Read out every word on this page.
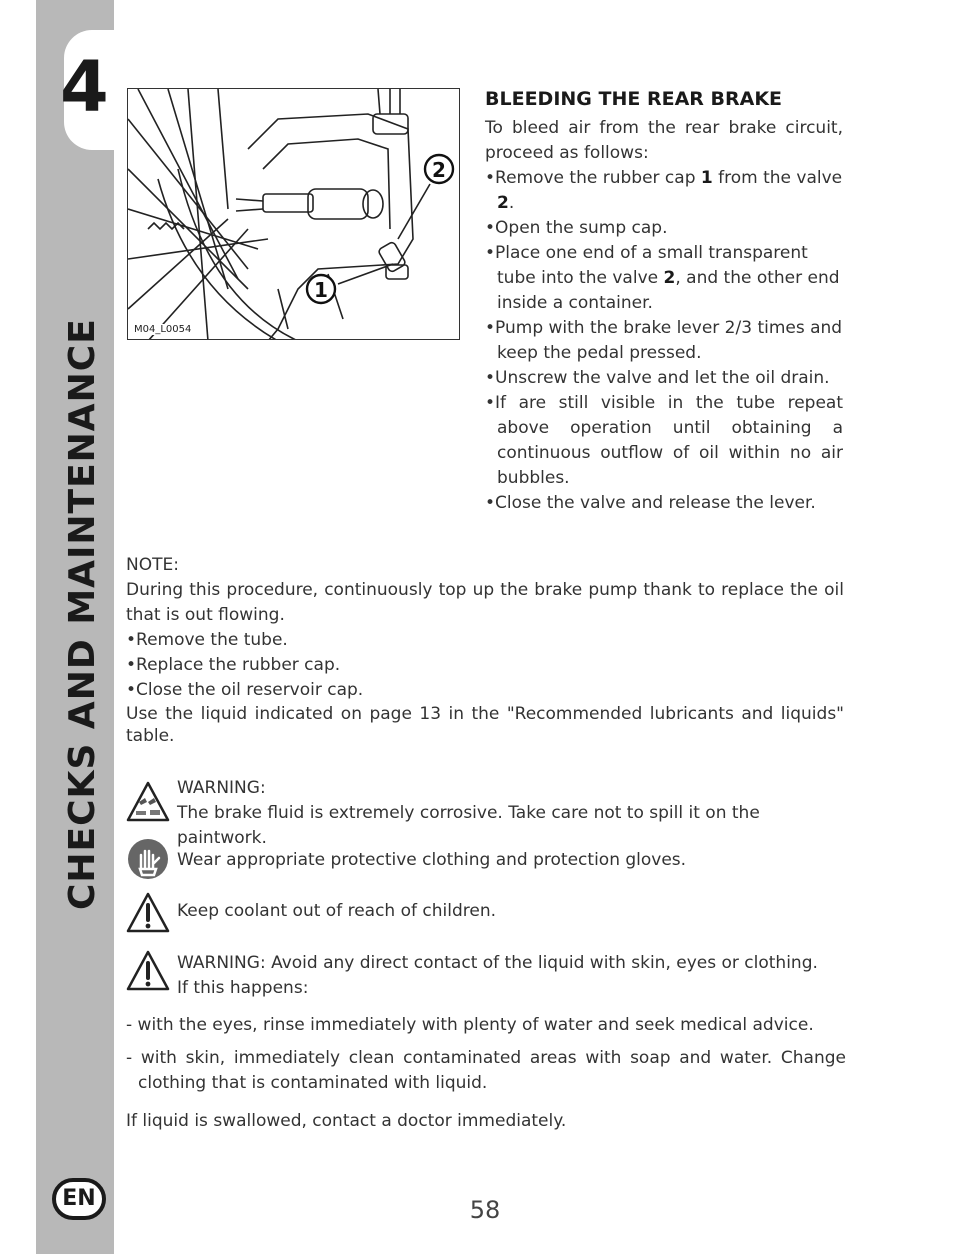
4
CHECKS AND MAINTENANCE
EN
2
1
M04_L0054
BLEEDING THE REAR BRAKE
To bleed air from the rear brake circuit, proceed as follows:
•Remove the rubber cap 1 from the valve 2.
•Open the sump cap.
•Place one end of a small transparent tube into the valve 2, and the other end inside a container.
•Pump with the brake lever 2/3 times and keep the pedal pressed.
•Unscrew the valve and let the oil drain.
•If are still visible in the tube repeat above operation until obtaining a continuous outflow of oil within no air bubbles.
•Close the valve and release the lever.
NOTE:
During this procedure, continuously top up the brake pump thank to replace the oil that is out flowing.
•Remove the tube.
•Replace the rubber cap.
•Close the oil reservoir cap.
Use the liquid indicated on page 13 in the "Recommended lubricants and liquids" table.
WARNING:
The brake fluid is extremely corrosive. Take care not to spill it on the paintwork.
Wear appropriate protective clothing and protection gloves.
Keep coolant out of reach of children.
WARNING: Avoid any direct contact of the liquid with skin, eyes or clothing.
If this happens:
- with the eyes, rinse immediately with plenty of water and seek medical advice.
- with skin, immediately clean contaminated areas with soap and water. Change clothing that is contaminated with liquid.
If liquid is swallowed, contact a doctor immediately.
58
